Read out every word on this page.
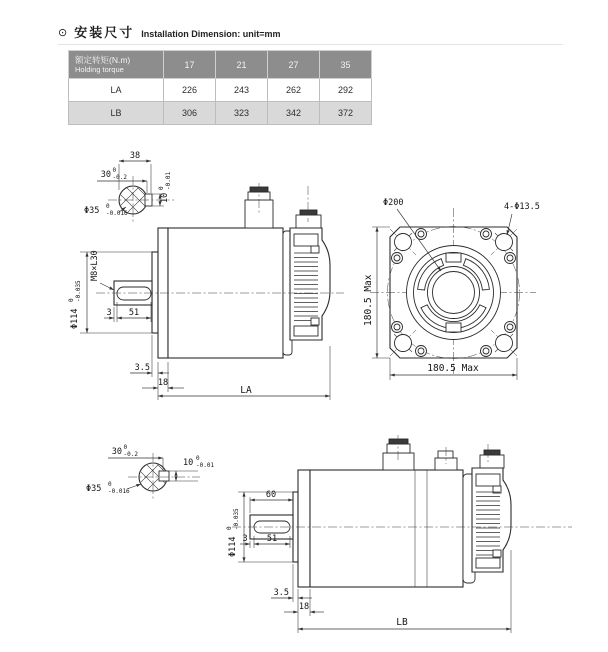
⊙ 安装尺寸 Installation Dimension: unit=mm
额定转矩(N.m)
Holding torque	17	21	27	35
LA	226	243	262	292
LB	306	323	342	372
38
30 0
-0.2
10
0 -0.01
Φ35 0
-0.016
M8×L30
Φ114
0 -0.035
3 51
3.5
18
LA
Φ200	4-Φ13.5
180.5 Max
180.5 Max
30 0
-0.2
10 0
-0.01
Φ35 0
-0.016	60
Φ114
0 -0.035
3 51
3.5
18
LB
